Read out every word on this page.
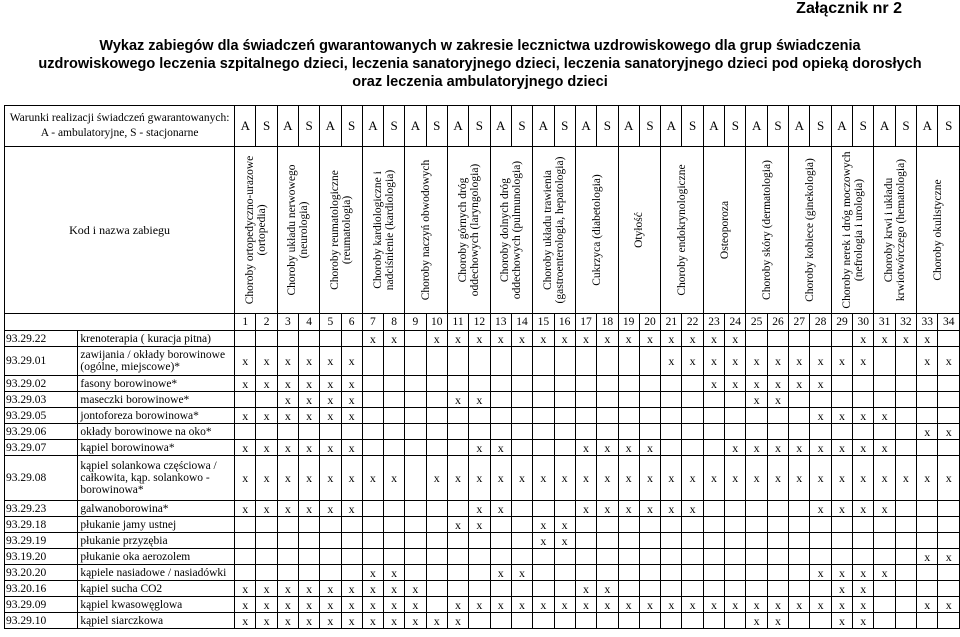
Załącznik nr 2
Wykaz zabiegów dla świadczeń gwarantowanych w zakresie lecznictwa uzdrowiskowego dla grup świadczenia
uzdrowiskowego leczenia szpitalnego dzieci, leczenia sanatoryjnego dzieci, leczenia sanatoryjnego dzieci pod opieką dorosłych
oraz leczenia ambulatoryjnego dzieci
Warunki realizacji świadczeń gwarantowanych: A - ambulatoryjne, S - stacjonarne		A	S	A	S	A	S	A	S	A	S	A	S	A	S	A	S	A	S	A	S	A	S	A	S	A	S	A	S	A	S	A	S	A	S
Kod i nazwa zabiegu		Choroby ortopedyczno-urazowe (ortopedia)		Choroby układu nerwowego (neurologia)		Choroby reumatologiczne (reumatologia)		Choroby kardiologiczne i nadciśnienie (kardiologia)		Choroby naczyń obwodowych		Choroby górnych dróg oddechowych (laryngologia)		Choroby dolnych dróg oddechowych (pulmunologia)		Choroby układu trawienia (gastroenterologia, hepatologia)		Cukrzyca (diabetologia)		Otyłość		Choroby endokrynologiczne		Osteoporoza		Choroby skóry (dermatologia)		Choroby kobiece (ginekologia)		Choroby nerek i dróg moczowych (nefrologia i urologia)		Choroby krwi i układu krwiotwórczego (hematologia)		Choroby okulistyczne	

		1	2	3	4	5	6	7	8	9	10	11	12	13	14	15	16	17	18	19	20	21	22	23	24	25	26	27	28	29	30	31	32	33	34
93.29.22	krenoterapia ( kuracja pitna)							x	x		x	x	x	x	x	x	x	x	x	x	x	x	x	x	x						x	x	x	x	
93.29.01	zawijania / okłady borowinowe (ogólne, miejscowe)*	x	x	x	x	x	x															x	x	x	x	x	x	x	x	x	x			x	x
93.29.02	fasony borowinowe*	x	x	x	x	x	x																	x	x	x	x	x	x						
93.29.03	maseczki borowinowe*			x	x	x	x					x	x													x	x								
93.29.05	jontoforeza borowinowa*	x	x	x	x	x	x																						x	x	x	x			
93.29.06	okłady borowinowe na oko*																																	x	x
93.29.07	kąpiel borowinowa*	x	x	x	x	x	x						x	x				x	x	x	x				x	x	x	x	x	x	x	x			
93.29.08	kąpiel solankowa częściowa / całkowita, kąp. solankowo - borowinowa*	x	x	x	x	x	x	x	x		x	x	x	x	x	x	x	x	x	x	x	x	x	x	x	x	x	x	x	x	x	x	x	x	x
93.29.23	galwanoborowina*	x	x	x	x	x	x						x	x				x	x	x	x	x	x						x	x	x	x			
93.29.18	płukanie jamy ustnej											x	x			x	x																		
93.29.19	płukanie przyzębia															x	x																		
93.19.20	płukanie oka aerozolem																																	x	x
93.20.20	kąpiele nasiadowe / nasiadówki							x	x					x	x														x	x	x	x			
93.20.16	kąpiel sucha CO2	x	x	x	x	x	x	x	x	x								x	x											x	x				
93.29.09	kąpiel kwasowęglowa	x	x	x	x	x	x	x	x	x		x	x	x	x	x	x	x	x	x	x	x	x	x	x	x	x	x	x	x	x			x	x
93.29.10	kąpiel siarczkowa	x	x	x	x	x	x	x	x	x	x	x														x	x			x	x				
